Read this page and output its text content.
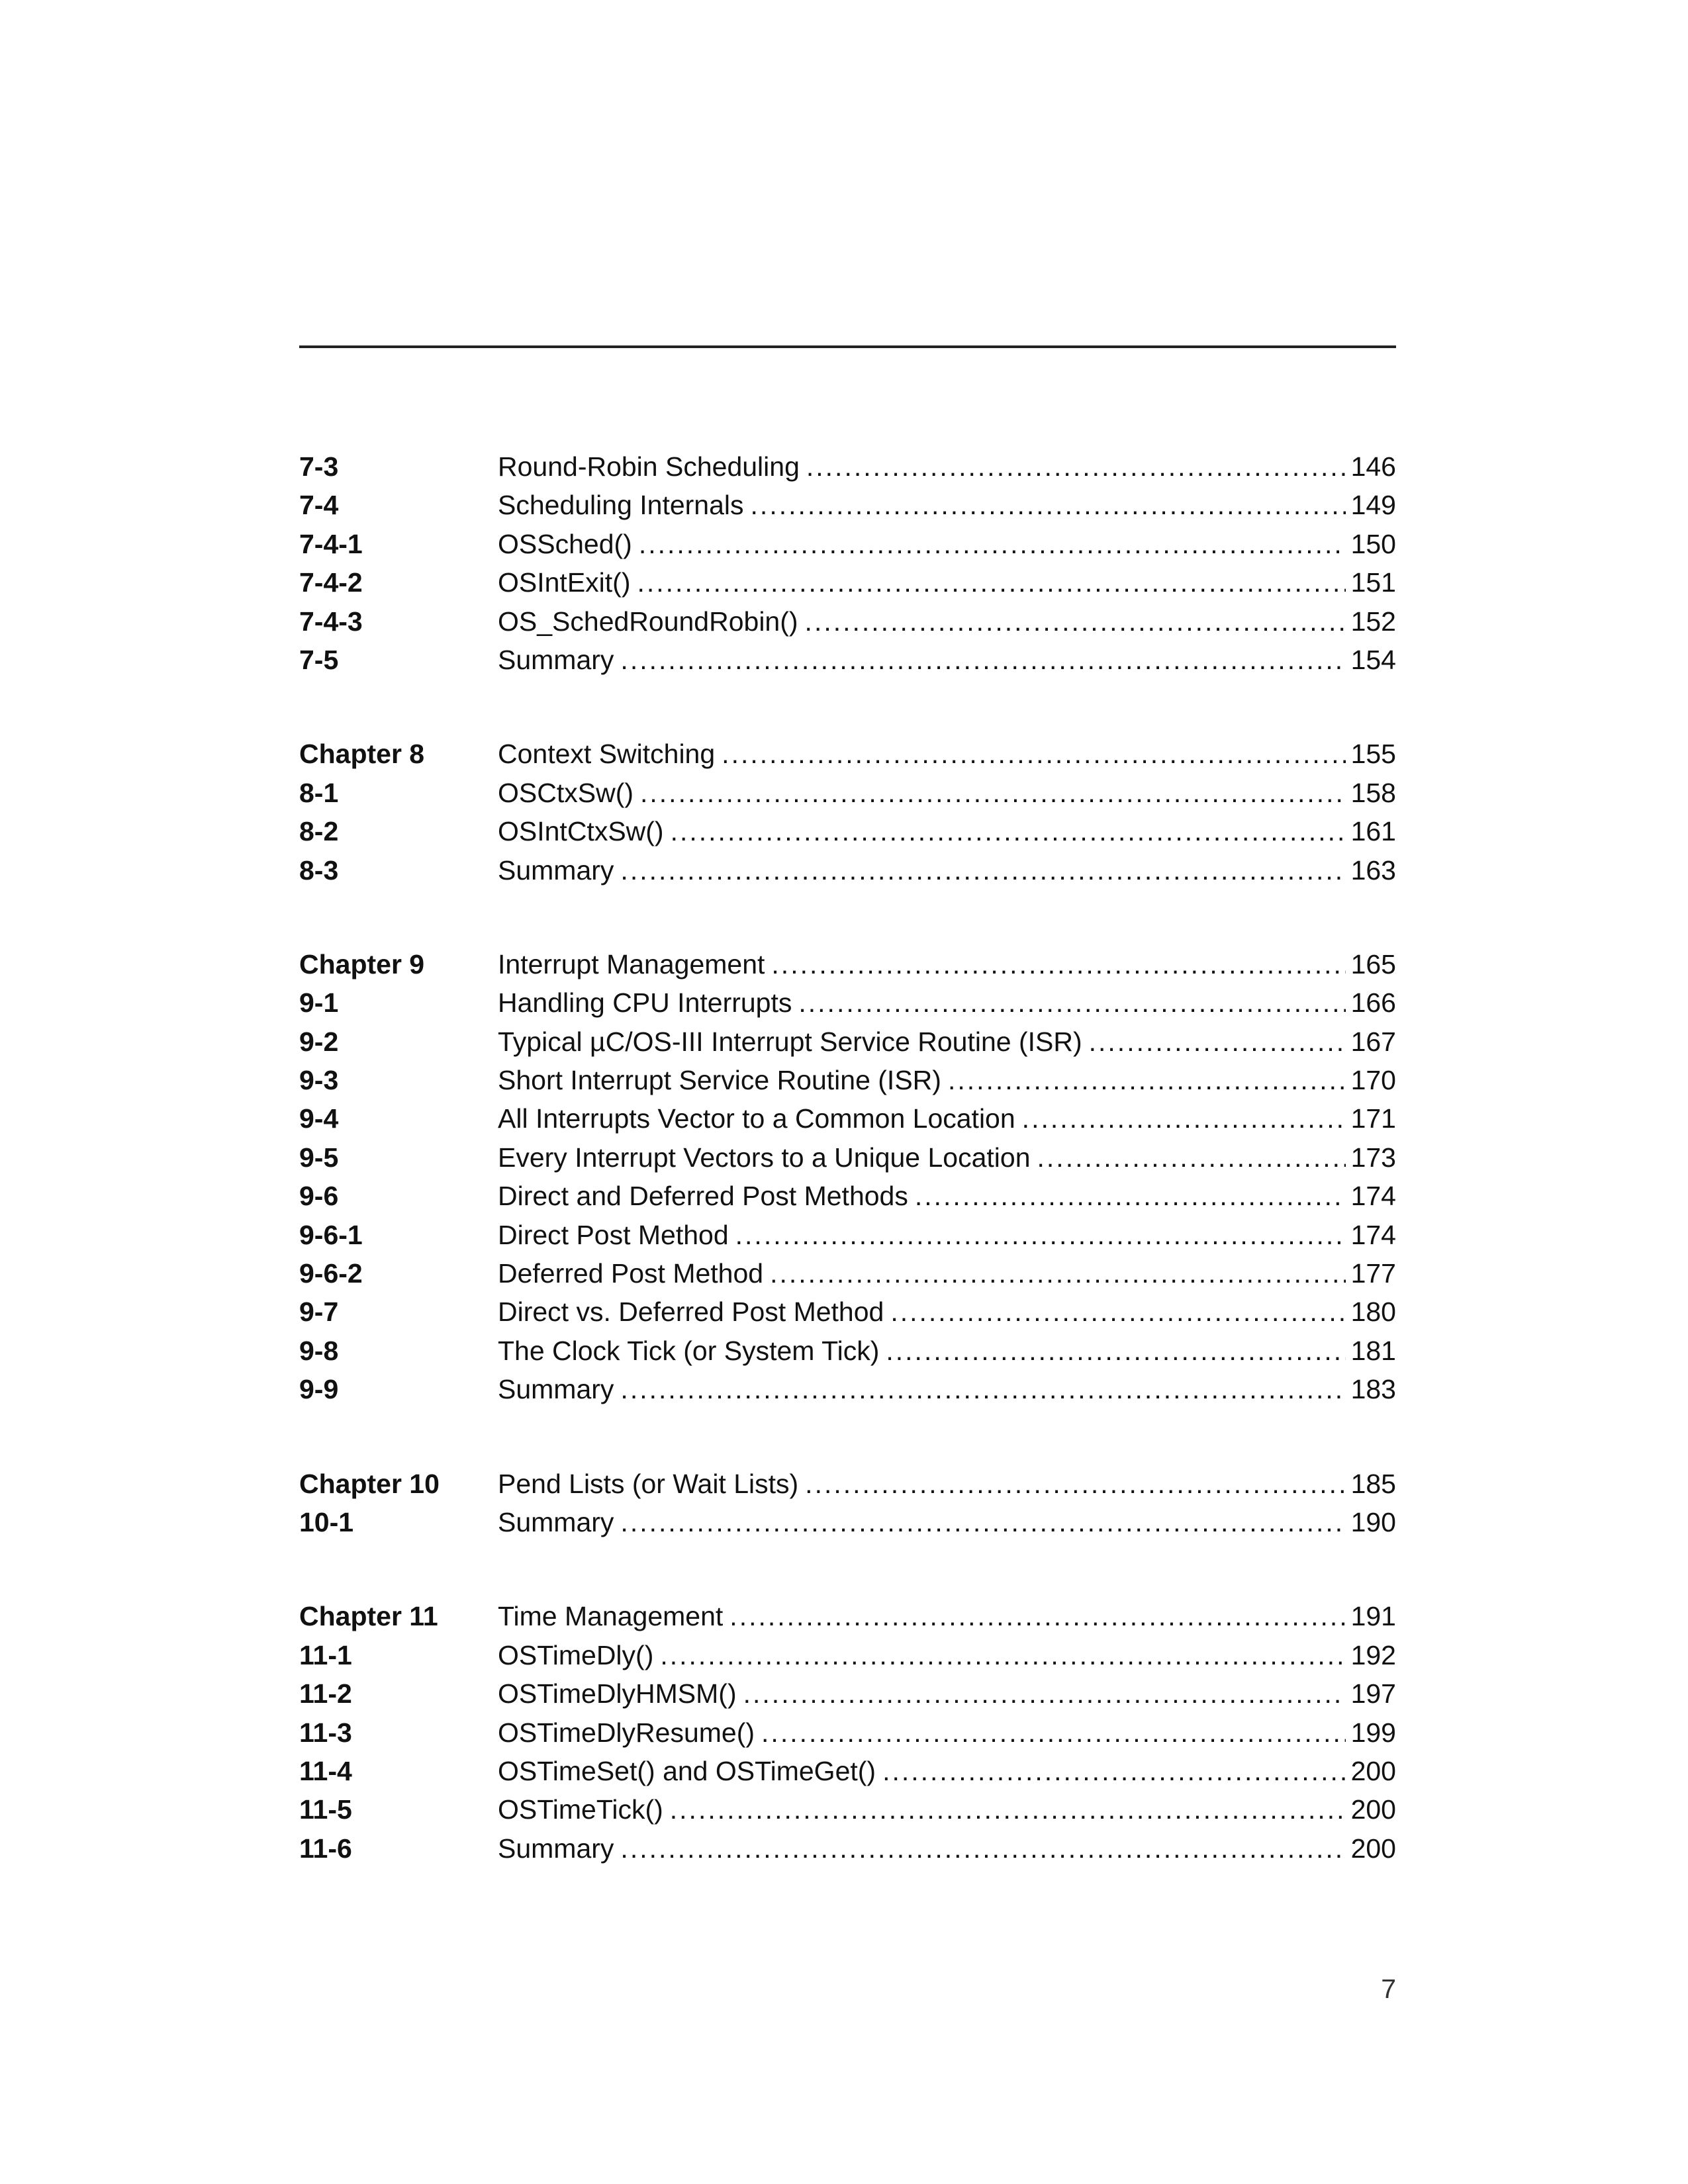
7-3	Round-Robin Scheduling .....	146
7-4	Scheduling Internals .....	149
7-4-1	OSSched() .....	150
7-4-2	OSIntExit() .....	151
7-4-3	OS_SchedRoundRobin() .....	152
7-5	Summary .....	154
Chapter 8	Context Switching .....	155
8-1	OSCtxSw() .....	158
8-2	OSIntCtxSw() .....	161
8-3	Summary .....	163
Chapter 9	Interrupt Management .....	165
9-1	Handling CPU Interrupts .....	166
9-2	Typical µC/OS-III Interrupt Service Routine (ISR) .....	167
9-3	Short Interrupt Service Routine (ISR) .....	170
9-4	All Interrupts Vector to a Common Location .....	171
9-5	Every Interrupt Vectors to a Unique Location .....	173
9-6	Direct and Deferred Post Methods .....	174
9-6-1	Direct Post Method .....	174
9-6-2	Deferred Post Method .....	177
9-7	Direct vs. Deferred Post Method .....	180
9-8	The Clock Tick (or System Tick) .....	181
9-9	Summary .....	183
Chapter 10	Pend Lists (or Wait Lists) .....	185
10-1	Summary .....	190
Chapter 11	Time Management .....	191
11-1	OSTimeDly() .....	192
11-2	OSTimeDlyHMSM() .....	197
11-3	OSTimeDlyResume() .....	199
11-4	OSTimeSet() and OSTimeGet() .....	200
11-5	OSTimeTick() .....	200
11-6	Summary .....	200
7
